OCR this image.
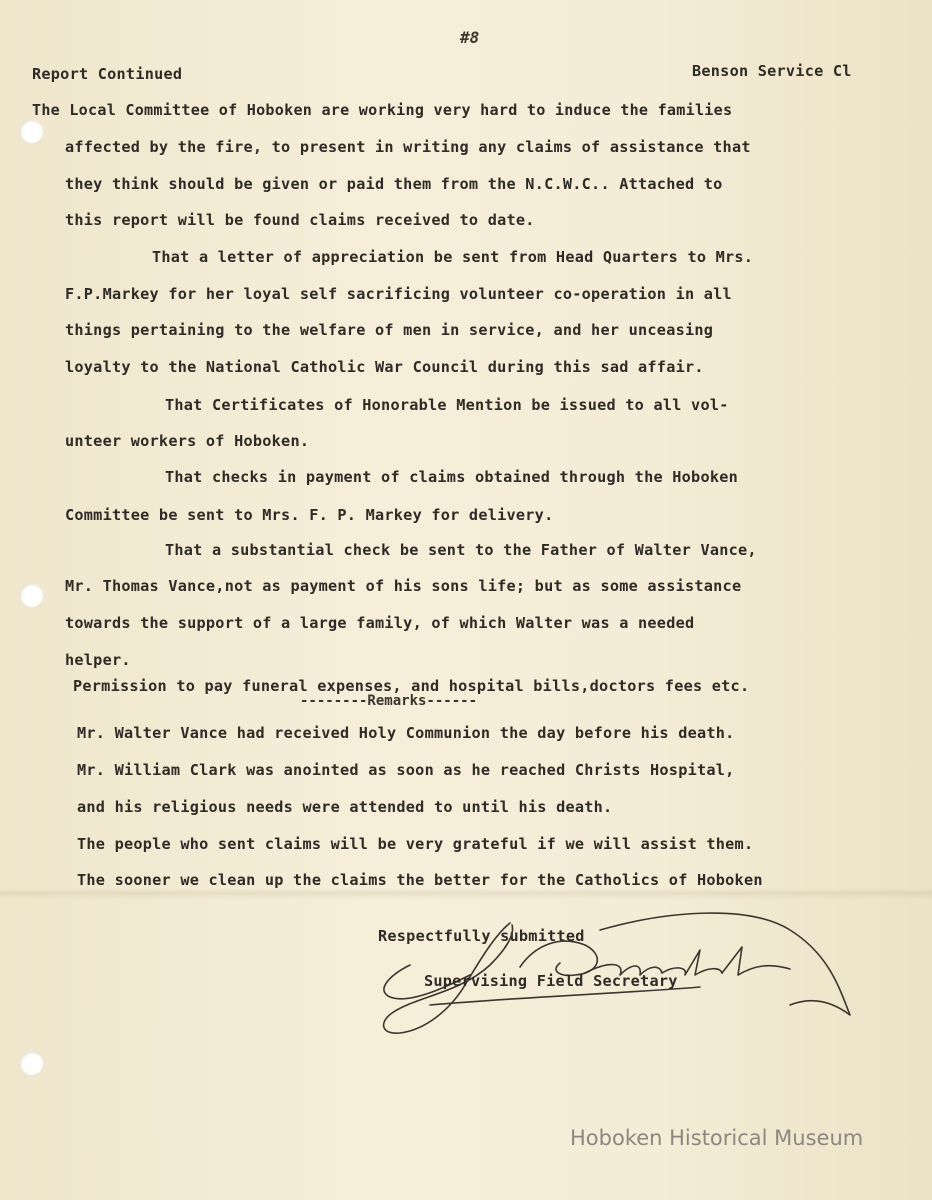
#8
Report Continued	Benson Service Cl
The Local Committee of Hoboken are working very hard to induce the families
affected by the fire, to present in writing any claims of assistance that
they think should be given or paid them from the N.C.W.C.. Attached to
this report will be found claims received to date.
That a letter of appreciation be sent from Head Quarters to Mrs.
F.P.Markey for her loyal self sacrificing volunteer co-operation in all
things pertaining to the welfare of men in service, and her unceasing
loyalty to the National Catholic War Council during this sad affair.
That Certificates of Honorable Mention be issued to all vol-
unteer workers of Hoboken.
That checks in payment of claims obtained through the Hoboken
Committee be sent to Mrs. F. P. Markey for delivery.
That a substantial check be sent to the Father of Walter Vance,
Mr. Thomas Vance,not as payment of his sons life; but as some assistance
towards the support of a large family, of which Walter was a needed
helper.
Permission to pay funeral expenses, and hospital bills,doctors fees etc.
--------Remarks------
Mr. Walter Vance had received Holy Communion the day before his death.
Mr. William Clark was anointed as soon as he reached Christs Hospital,
and his religious needs were attended to until his death.
The people who sent claims will be very grateful if we will assist them.
The sooner we clean up the claims the better for the Catholics of Hoboken
Respectfully submitted
Supervising Field Secretary
Hoboken Historical Museum
